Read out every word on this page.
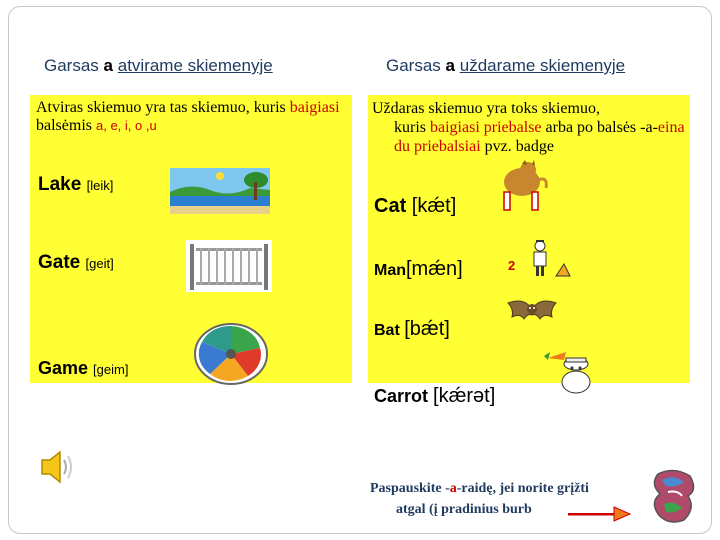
Garsas a atvirame skiemenyje	Garsas a uždarame skiemenyje
Atviras skiemuo yra tas skiemuo, kuris baigiasi balsėmis a, e, i, o ,u
Uždaras skiemuo yra toks skiemuo,
kuris baigiasi priebalse arba po balsės -a-eina du priebalsiai pvz. badge
Lake [leik]
Gate [geit]
Game [geim]
Cat [kǽt]
Man[mǽn]
Bat [bǽt]
Carrot [kǽrət]
2
Paspauskite -a-raidę, jei norite grįžti
atgal (į pradinius burb
